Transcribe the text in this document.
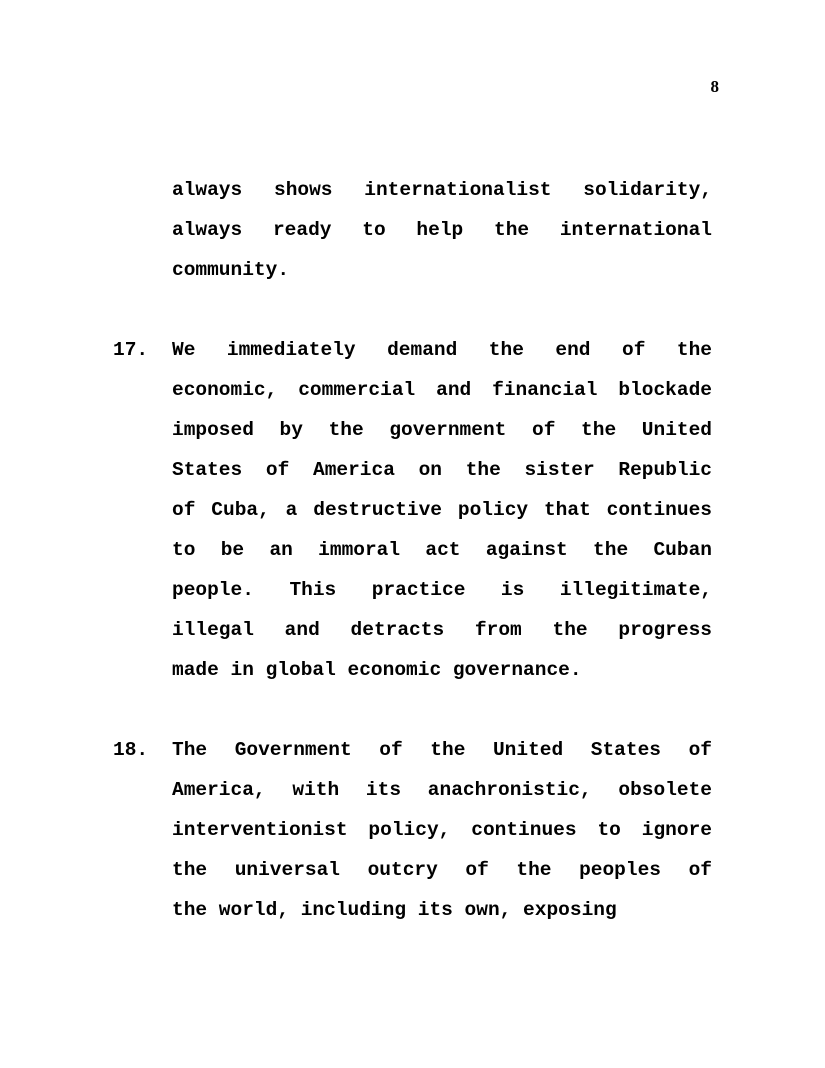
8
always shows internationalist solidarity,
always ready to help the international
community.
17.	We immediately demand the end of the
economic, commercial and financial blockade
imposed by the government of the United
States of America on the sister Republic
of Cuba, a destructive policy that continues
to be an immoral act against the Cuban
people. This practice is illegitimate,
illegal and detracts from the progress
made in global economic governance.
18.	The Government of the United States of
America, with its anachronistic, obsolete
interventionist policy, continues to ignore
the universal outcry of the peoples of
the world, including its own, exposing
